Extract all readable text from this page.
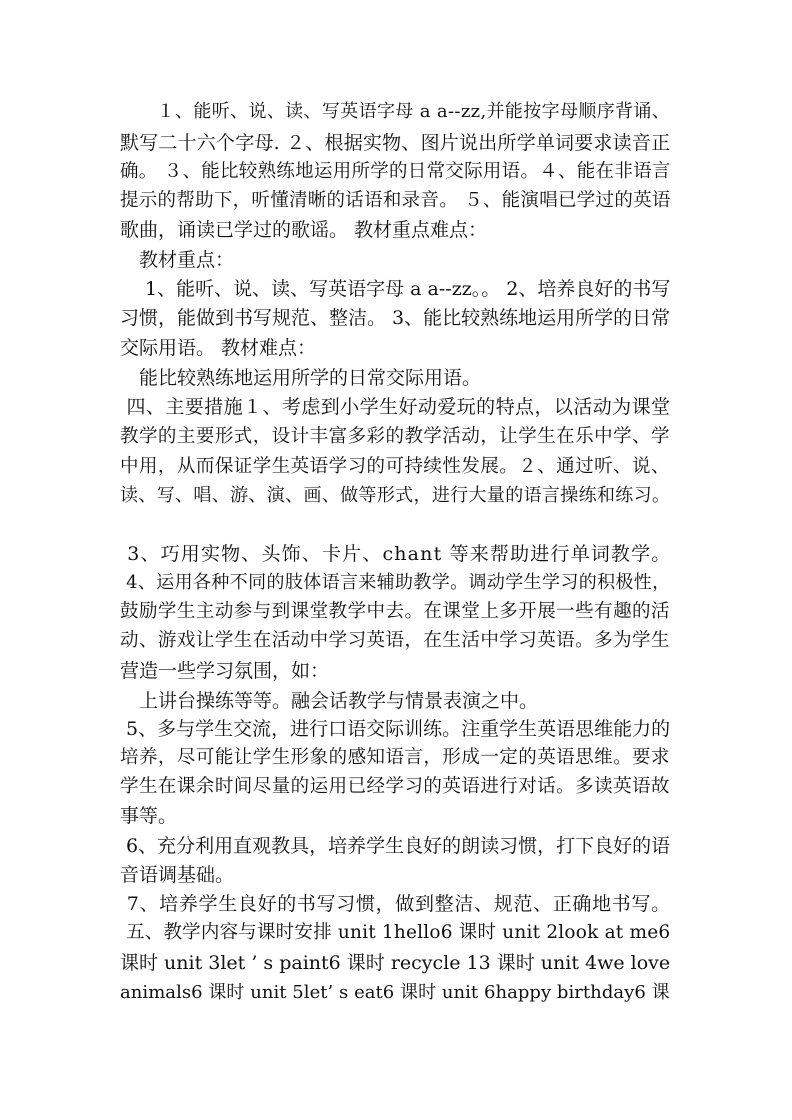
　　１、能听、说、读、写英语字母 a a--zz,并能按字母顺序背诵、
默写二十六个字母. ２、根据实物、图片说出所学单词要求读音正
确。 ３、能比较熟练地运用所学的日常交际用语。４、能在非语言
提示的帮助下，听懂清晰的话语和录音。 ５、能演唱已学过的英语
歌曲，诵读已学过的歌谣。 教材重点难点：
　教材重点：
　 1、能听、说、读、写英语字母 a a--zz。。 2、培养良好的书写
习惯，能做到书写规范、整洁。 3、能比较熟练地运用所学的日常
交际用语。 教材难点：
　能比较熟练地运用所学的日常交际用语。
四、主要措施１、考虑到小学生好动爱玩的特点，以活动为课堂
教学的主要形式，设计丰富多彩的教学活动，让学生在乐中学、学
中用，从而保证学生英语学习的可持续性发展。２、通过听、说、
读、写、唱、游、演、画、做等形式，进行大量的语言操练和练习。
3、巧用实物、头饰、卡片、chant 等来帮助进行单词教学。
4、运用各种不同的肢体语言来辅助教学。调动学生学习的积极性，
鼓励学生主动参与到课堂教学中去。在课堂上多开展一些有趣的活
动、游戏让学生在活动中学习英语，在生活中学习英语。多为学生
营造一些学习氛围，如：
　上讲台操练等等。融会话教学与情景表演之中。
5、多与学生交流，进行口语交际训练。注重学生英语思维能力的
培养，尽可能让学生形象的感知语言，形成一定的英语思维。要求
学生在课余时间尽量的运用已经学习的英语进行对话。多读英语故
事等。
6、充分利用直观教具，培养学生良好的朗读习惯，打下良好的语
音语调基础。
7、培养学生良好的书写习惯，做到整洁、规范、正确地书写。
五、教学内容与课时安排 unit 1hello6 课时 unit 2look at me6
课时 unit 3let ’ s paint6 课时 recycle 13 课时 unit 4we love
animals6 课时 unit 5let’ s eat6 课时 unit 6happy birthday6 课
